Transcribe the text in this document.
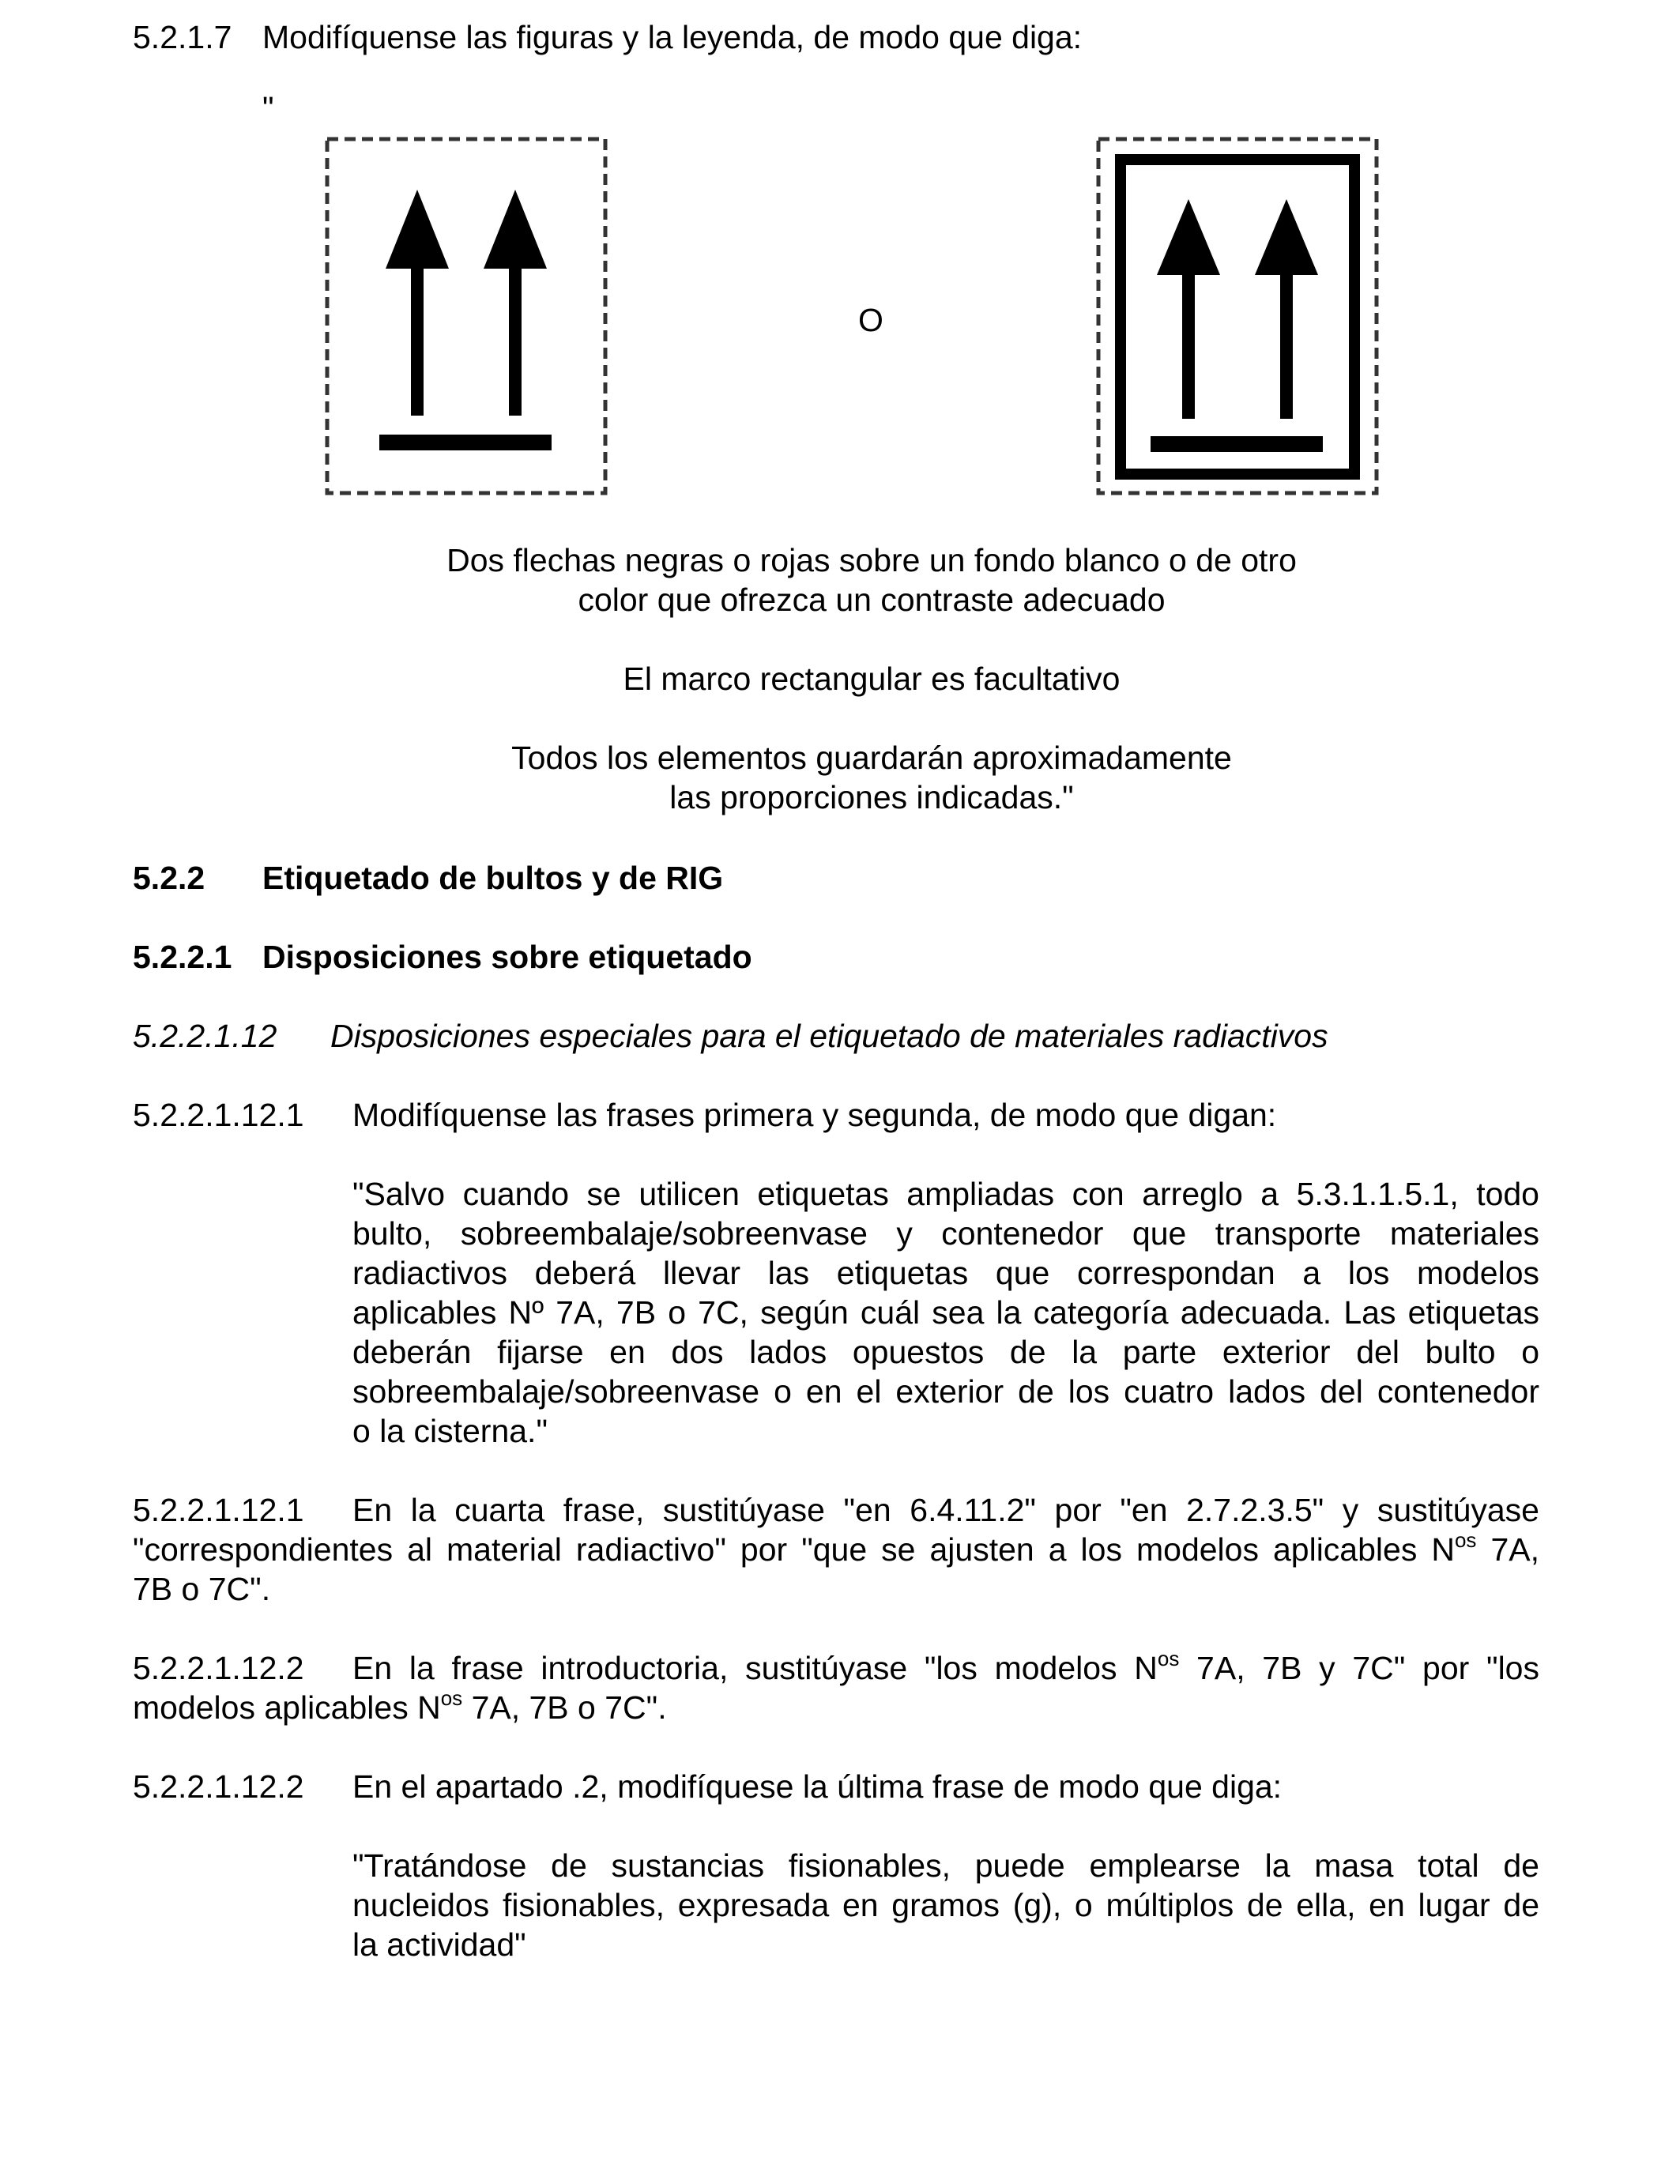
5.2.1.7 Modifíquense las figuras y la leyenda, de modo que diga:
"
O
Dos flechas negras o rojas sobre un fondo blanco o de otro
color que ofrezca un contraste adecuado
El marco rectangular es facultativo
Todos los elementos guardarán aproximadamente
las proporciones indicadas."
5.2.2 Etiquetado de bultos y de RIG
5.2.2.1 Disposiciones sobre etiquetado
5.2.2.1.12 Disposiciones especiales para el etiquetado de materiales radiactivos
5.2.2.1.12.1 Modifíquense las frases primera y segunda, de modo que digan:
"Salvo cuando se utilicen etiquetas ampliadas con arreglo a 5.3.1.1.5.1, todo
bulto, sobreembalaje/sobreenvase y contenedor que transporte materiales
radiactivos deberá llevar las etiquetas que correspondan a los modelos
aplicables Nº 7A, 7B o 7C, según cuál sea la categoría adecuada. Las etiquetas
deberán fijarse en dos lados opuestos de la parte exterior del bulto o
sobreembalaje/sobreenvase o en el exterior de los cuatro lados del contenedor
o la cisterna."
5.2.2.1.12.1 En la cuarta frase, sustitúyase "en 6.4.11.2" por "en 2.7.2.3.5" y sustitúyase
"correspondientes al material radiactivo" por "que se ajusten a los modelos aplicables $N^{os}$ 7A,
7B o 7C".
5.2.2.1.12.2 En la frase introductoria, sustitúyase "los modelos $N^{os}$ 7A, 7B y 7C" por "los
modelos aplicables $N^{os}$ 7A, 7B o 7C".
5.2.2.1.12.2 En el apartado .2, modifíquese la última frase de modo que diga:
"Tratándose de sustancias fisionables, puede emplearse la masa total de
nucleidos fisionables, expresada en gramos (g), o múltiplos de ella, en lugar de
la actividad"
